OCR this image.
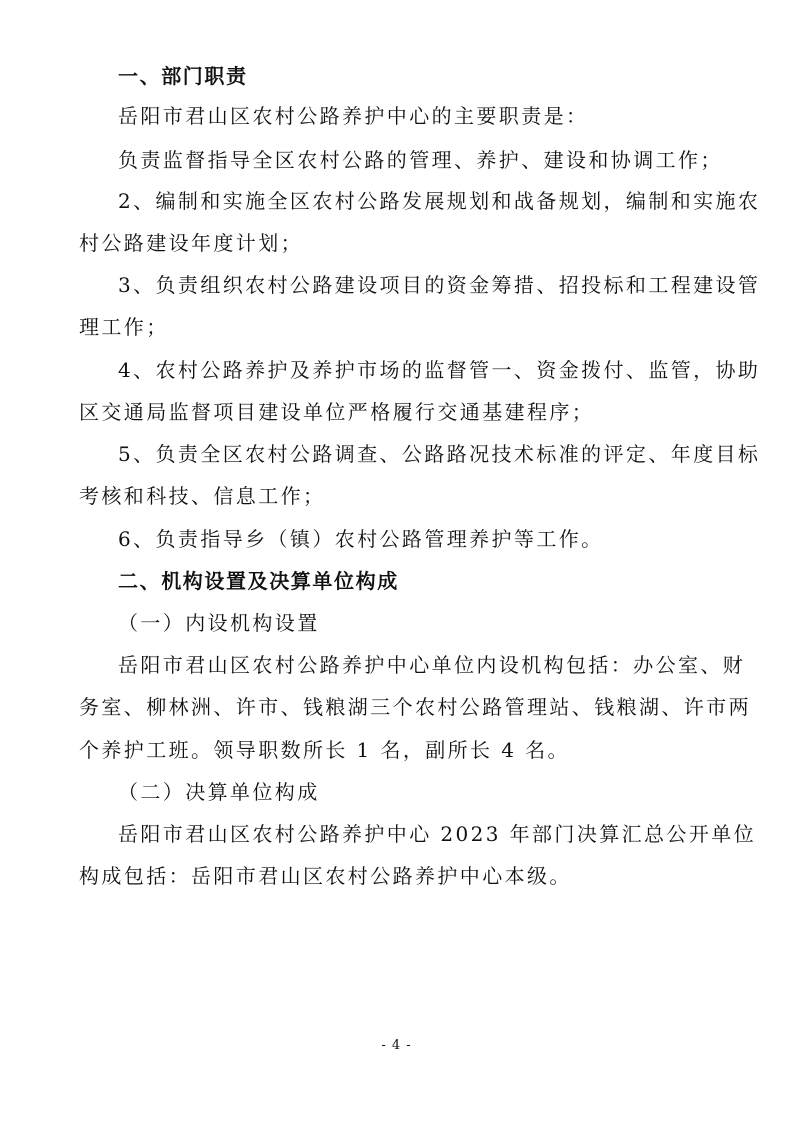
一、部门职责
岳阳市君山区农村公路养护中心的主要职责是：
负责监督指导全区农村公路的管理、养护、建设和协调工作；
2、编制和实施全区农村公路发展规划和战备规划，编制和实施农
村公路建设年度计划；
3、负责组织农村公路建设项目的资金筹措、招投标和工程建设管
理工作；
4、农村公路养护及养护市场的监督管一、资金拨付、监管，协助
区交通局监督项目建设单位严格履行交通基建程序；
5、负责全区农村公路调查、公路路况技术标准的评定、年度目标
考核和科技、信息工作；
6、负责指导乡（镇）农村公路管理养护等工作。
二、机构设置及决算单位构成
（一）内设机构设置
岳阳市君山区农村公路养护中心单位内设机构包括：办公室、财
务室、柳林洲、许市、钱粮湖三个农村公路管理站、钱粮湖、许市两
个养护工班。领导职数所长 1 名，副所长 4 名。
（二）决算单位构成
岳阳市君山区农村公路养护中心 2023 年部门决算汇总公开单位
构成包括：岳阳市君山区农村公路养护中心本级。
- 4 -
